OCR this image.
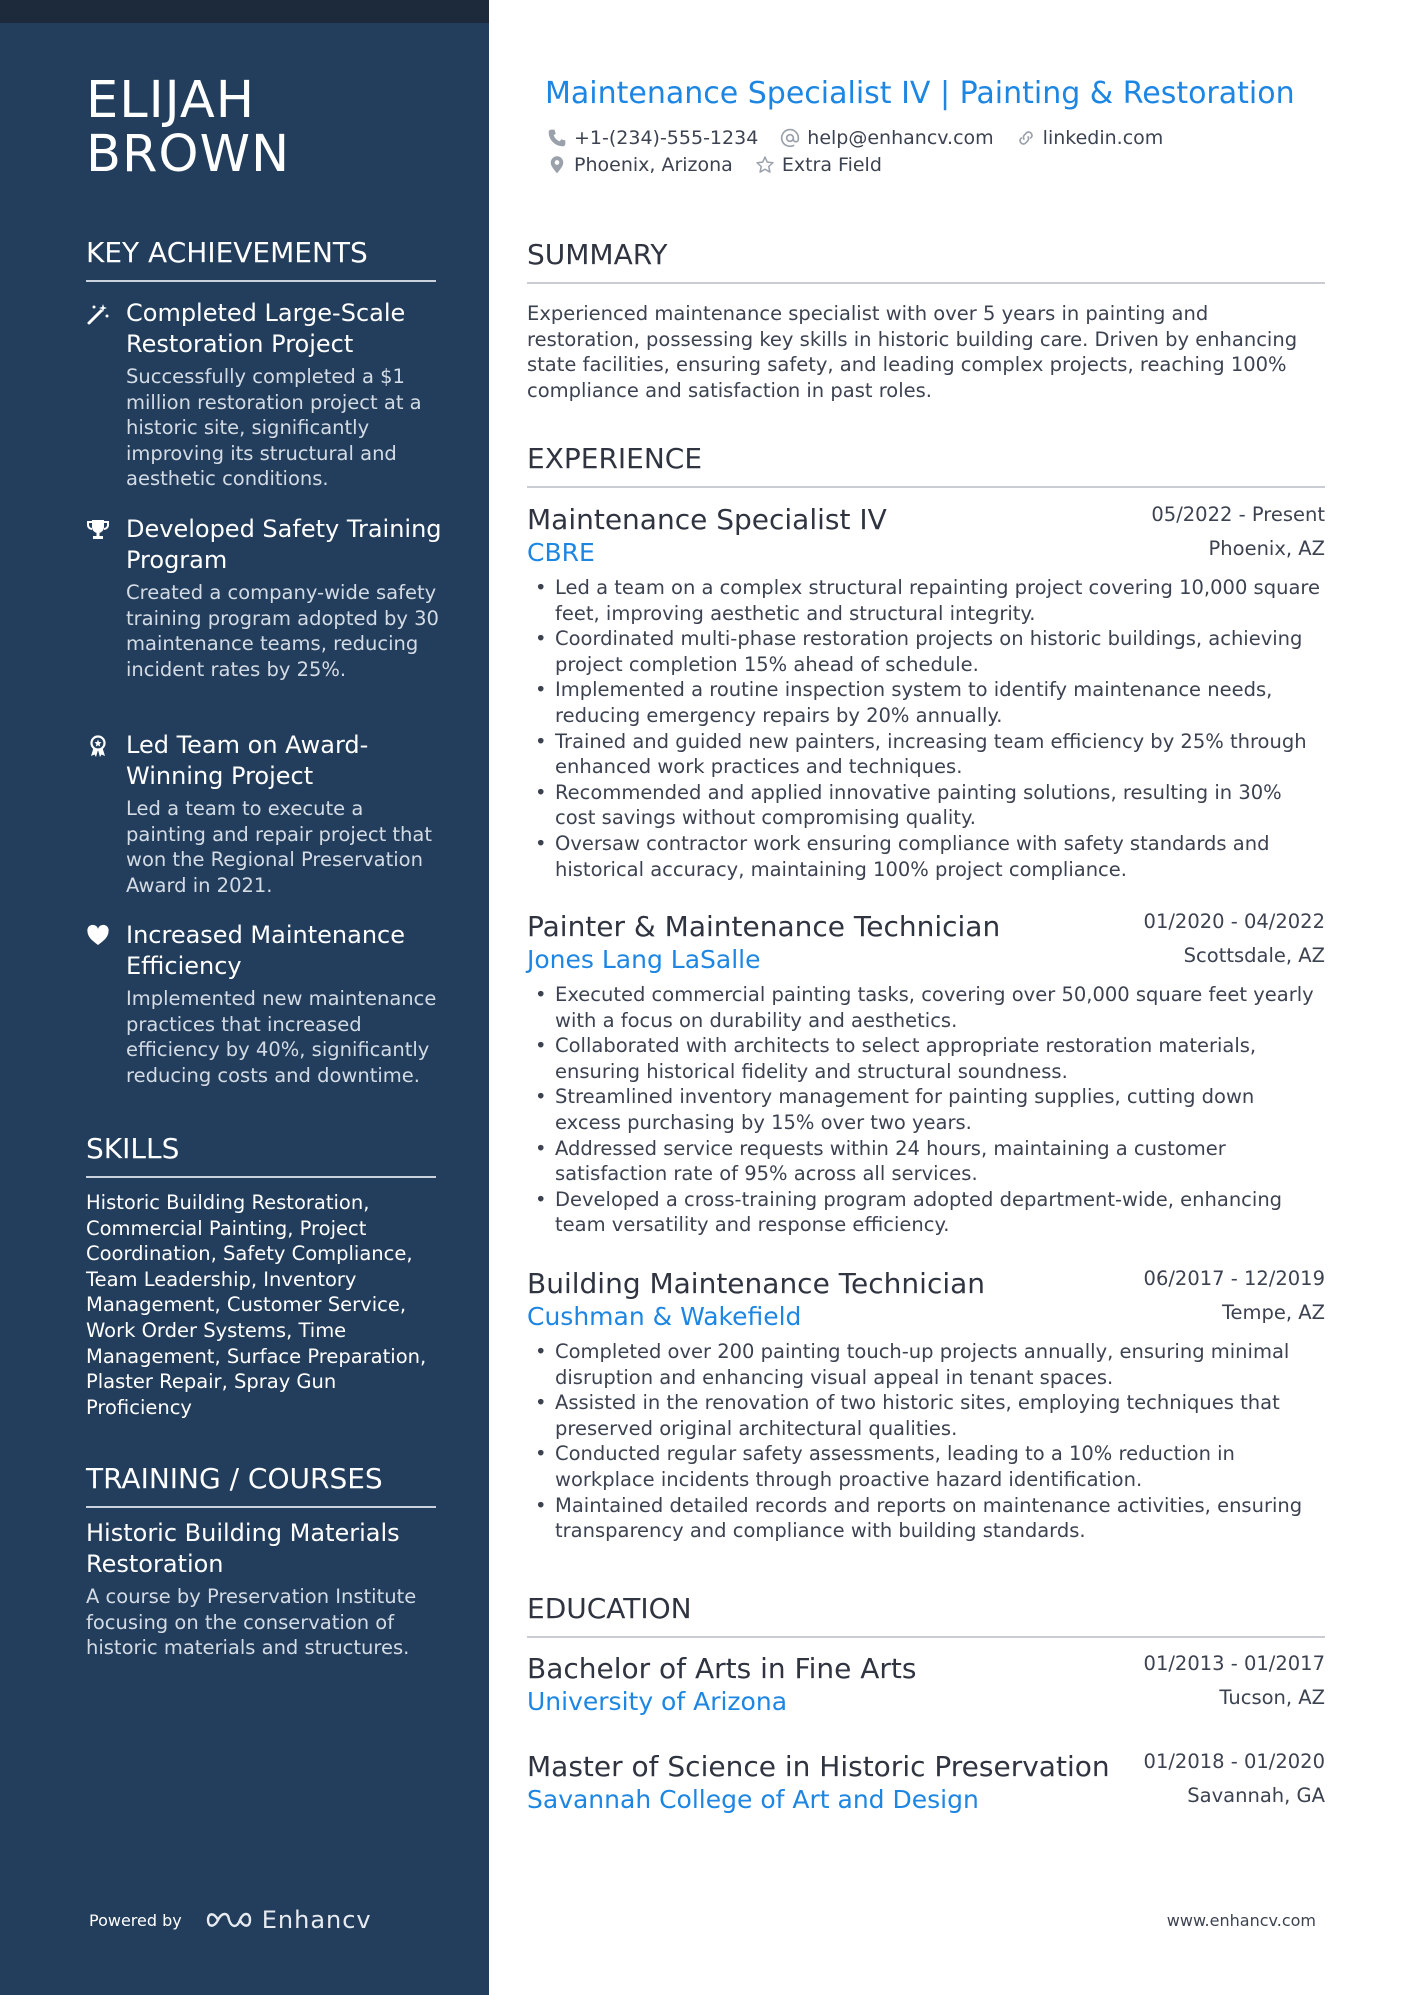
ELIJAH
BROWN
KEY ACHIEVEMENTS
Completed Large-Scale Restoration Project
Successfully completed a $1 million restoration project at a historic site, significantly improving its structural and aesthetic conditions.
Developed Safety Training Program
Created a company-wide safety training program adopted by 30 maintenance teams, reducing incident rates by 25%.
Led Team on Award-Winning Project
Led a team to execute a painting and repair project that won the Regional Preservation Award in 2021.
Increased Maintenance Efficiency
Implemented new maintenance practices that increased efficiency by 40%, significantly reducing costs and downtime.
SKILLS
Historic Building Restoration, Commercial Painting, Project Coordination, Safety Compliance, Team Leadership, Inventory Management, Customer Service, Work Order Systems, Time Management, Surface Preparation, Plaster Repair, Spray Gun Proficiency
TRAINING / COURSES
Historic Building Materials Restoration
A course by Preservation Institute focusing on the conservation of historic materials and structures.
Powered by	Enhancv
Maintenance Specialist IV | Painting & Restoration
+1-(234)-555-1234	help@enhancv.com	linkedin.com
Phoenix, Arizona	Extra Field
SUMMARY
Experienced maintenance specialist with over 5 years in painting and restoration, possessing key skills in historic building care. Driven by enhancing state facilities, ensuring safety, and leading complex projects, reaching 100% compliance and satisfaction in past roles.
EXPERIENCE
Maintenance Specialist IV	05/2022 - Present
CBRE	Phoenix, AZ
• Led a team on a complex structural repainting project covering 10,000 square feet, improving aesthetic and structural integrity.
• Coordinated multi-phase restoration projects on historic buildings, achieving project completion 15% ahead of schedule.
• Implemented a routine inspection system to identify maintenance needs, reducing emergency repairs by 20% annually.
• Trained and guided new painters, increasing team efficiency by 25% through enhanced work practices and techniques.
• Recommended and applied innovative painting solutions, resulting in 30% cost savings without compromising quality.
• Oversaw contractor work ensuring compliance with safety standards and historical accuracy, maintaining 100% project compliance.
Painter & Maintenance Technician	01/2020 - 04/2022
Jones Lang LaSalle	Scottsdale, AZ
• Executed commercial painting tasks, covering over 50,000 square feet yearly with a focus on durability and aesthetics.
• Collaborated with architects to select appropriate restoration materials, ensuring historical fidelity and structural soundness.
• Streamlined inventory management for painting supplies, cutting down excess purchasing by 15% over two years.
• Addressed service requests within 24 hours, maintaining a customer satisfaction rate of 95% across all services.
• Developed a cross-training program adopted department-wide, enhancing team versatility and response efficiency.
Building Maintenance Technician	06/2017 - 12/2019
Cushman & Wakefield	Tempe, AZ
• Completed over 200 painting touch-up projects annually, ensuring minimal disruption and enhancing visual appeal in tenant spaces.
• Assisted in the renovation of two historic sites, employing techniques that preserved original architectural qualities.
• Conducted regular safety assessments, leading to a 10% reduction in workplace incidents through proactive hazard identification.
• Maintained detailed records and reports on maintenance activities, ensuring transparency and compliance with building standards.
EDUCATION
Bachelor of Arts in Fine Arts	01/2013 - 01/2017
University of Arizona	Tucson, AZ
Master of Science in Historic Preservation 01/2018 - 01/2020
Savannah College of Art and Design	Savannah, GA
www.enhancv.com
